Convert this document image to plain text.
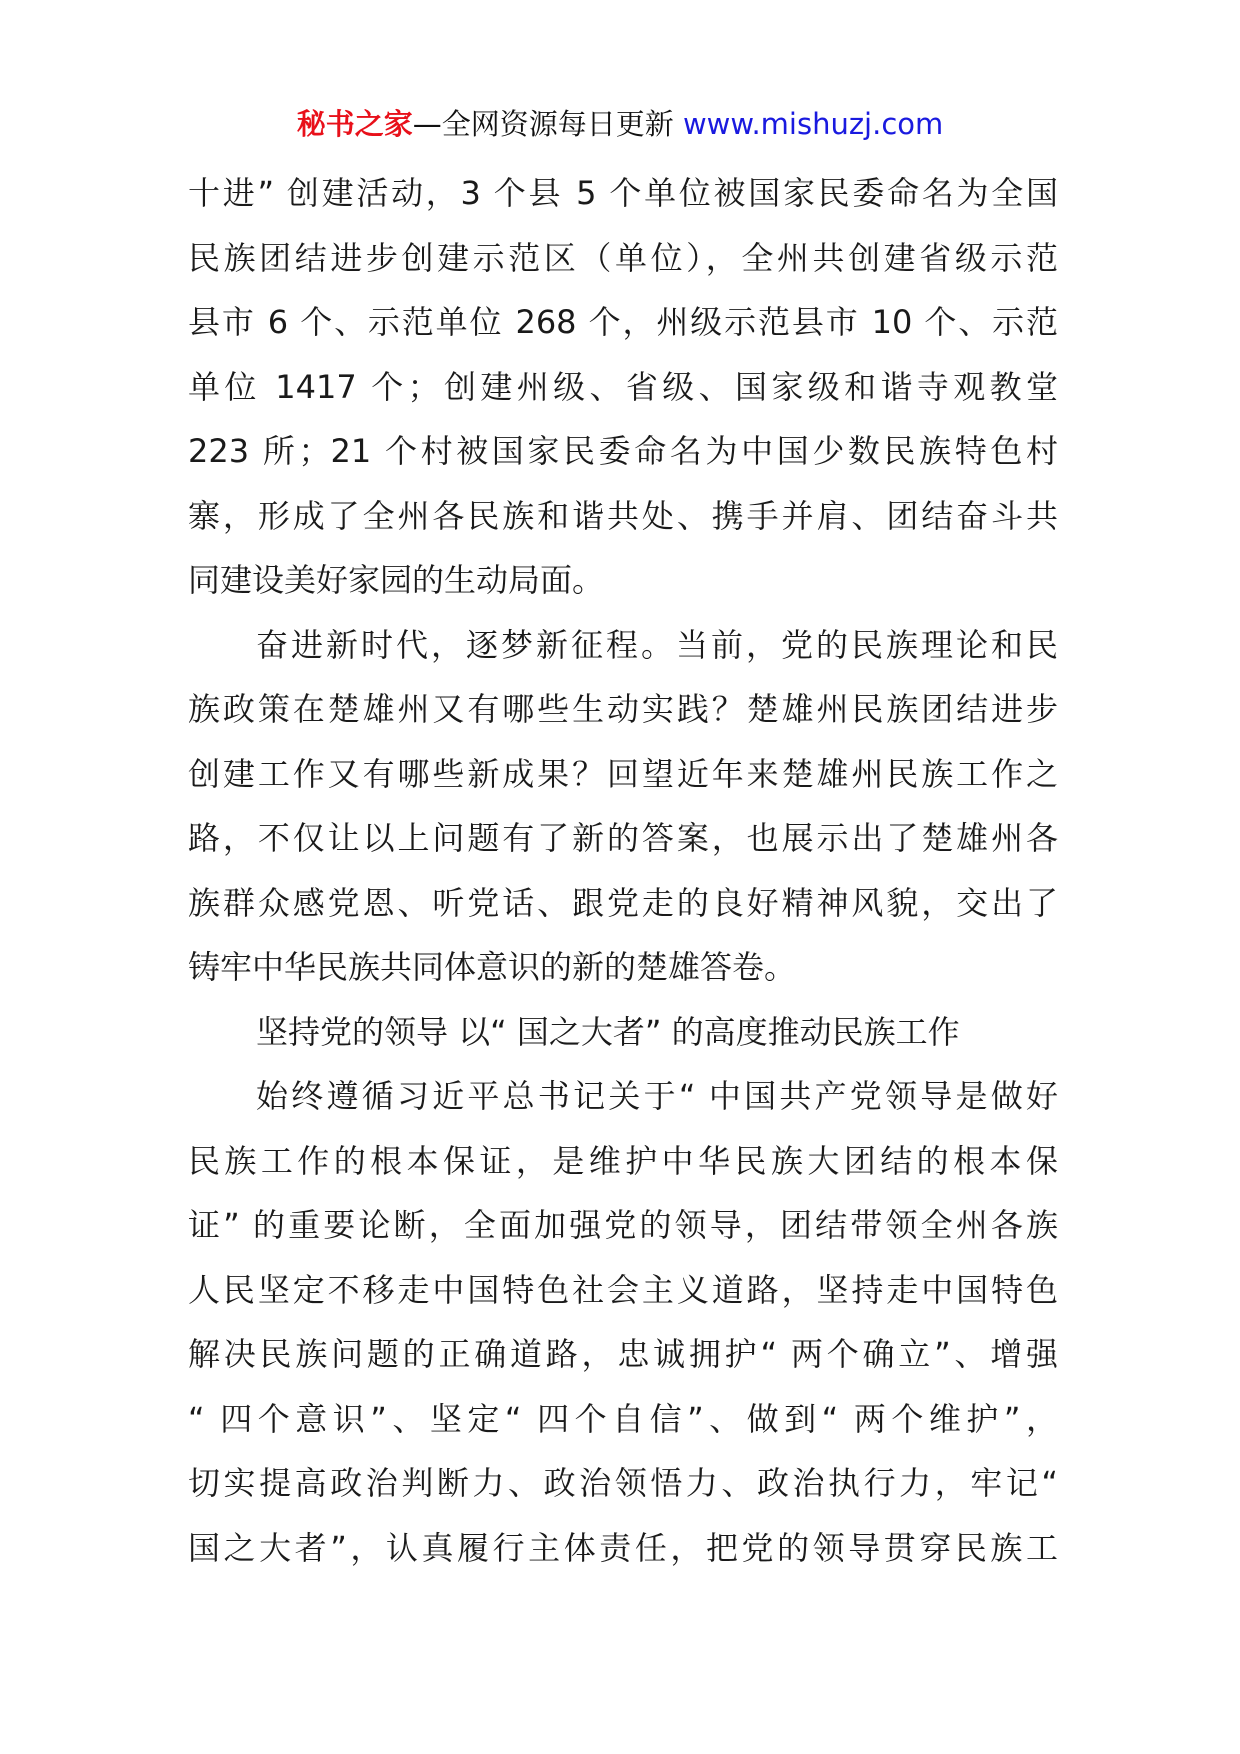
秘书之家—全网资源每日更新 www.mishuzj.com
十进” 创建活动，3 个县 5 个单位被国家民委命名为全国
民族团结进步创建示范区（单位），全州共创建省级示范
县市 6 个、示范单位 268 个，州级示范县市 10 个、示范
单位 1417 个；创建州级、省级、国家级和谐寺观教堂
223 所；21 个村被国家民委命名为中国少数民族特色村
寨，形成了全州各民族和谐共处、携手并肩、团结奋斗共
同建设美好家园的生动局面。
奋进新时代，逐梦新征程。当前，党的民族理论和民
族政策在楚雄州又有哪些生动实践？楚雄州民族团结进步
创建工作又有哪些新成果？回望近年来楚雄州民族工作之
路，不仅让以上问题有了新的答案，也展示出了楚雄州各
族群众感党恩、听党话、跟党走的良好精神风貌，交出了
铸牢中华民族共同体意识的新的楚雄答卷。
坚持党的领导 以“ 国之大者” 的高度推动民族工作
始终遵循习近平总书记关于“ 中国共产党领导是做好
民族工作的根本保证，是维护中华民族大团结的根本保
证” 的重要论断，全面加强党的领导，团结带领全州各族
人民坚定不移走中国特色社会主义道路，坚持走中国特色
解决民族问题的正确道路，忠诚拥护“ 两个确立”、增强
“ 四个意识”、坚定“ 四个自信”、做到“ 两个维护”，
切实提高政治判断力、政治领悟力、政治执行力，牢记“
国之大者”，认真履行主体责任，把党的领导贯穿民族工
